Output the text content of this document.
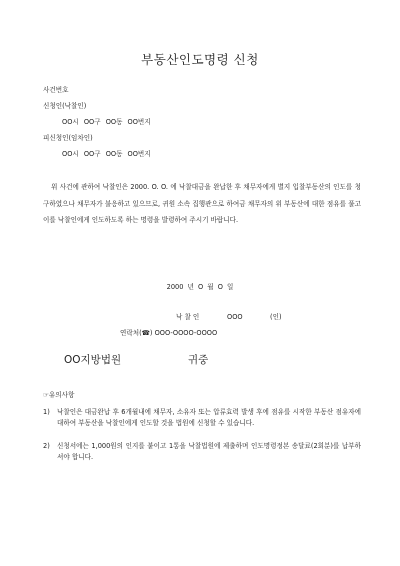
부동산인도명령 신청
사건번호
신청인(낙찰인)
OO시 OO구 OO동 OO번지
피신청인(임차인)
OO시 OO구 OO동 OO번지
위 사건에 관하여 낙찰인은 2000. O. O. 에 낙찰대금을 완납한 후 채무자에게 별지 입찰부동산의 인도를 청구하였으나 채무자가 불응하고 있으므로, 귀원 소속 집행관으로 하여금 채무자의 위 부동산에 대한 점유를 풀고 이를 낙찰인에게 인도하도록 하는 명령을 발령하여 주시기 바랍니다.
2000 년 O 월 O 일
낙 찰 인	OOO	(인)
연락처(☎) OOO-OOOO-OOOO
OO지방법원	귀중
☞유의사항
1) 낙찰인은 대금완납 후 6개월내에 채무자, 소유자 또는 압류효력 발생 후에 점유를 시작한 부동산 점유자에 대하여 부동산을 낙찰인에게 인도할 것을 법원에 신청할 수 있습니다.
2) 신청서에는 1,000원의 인지를 붙이고 1통을 낙찰법원에 제출하며 인도명령정본 송달료(2회분)를 납부하셔야 합니다.
